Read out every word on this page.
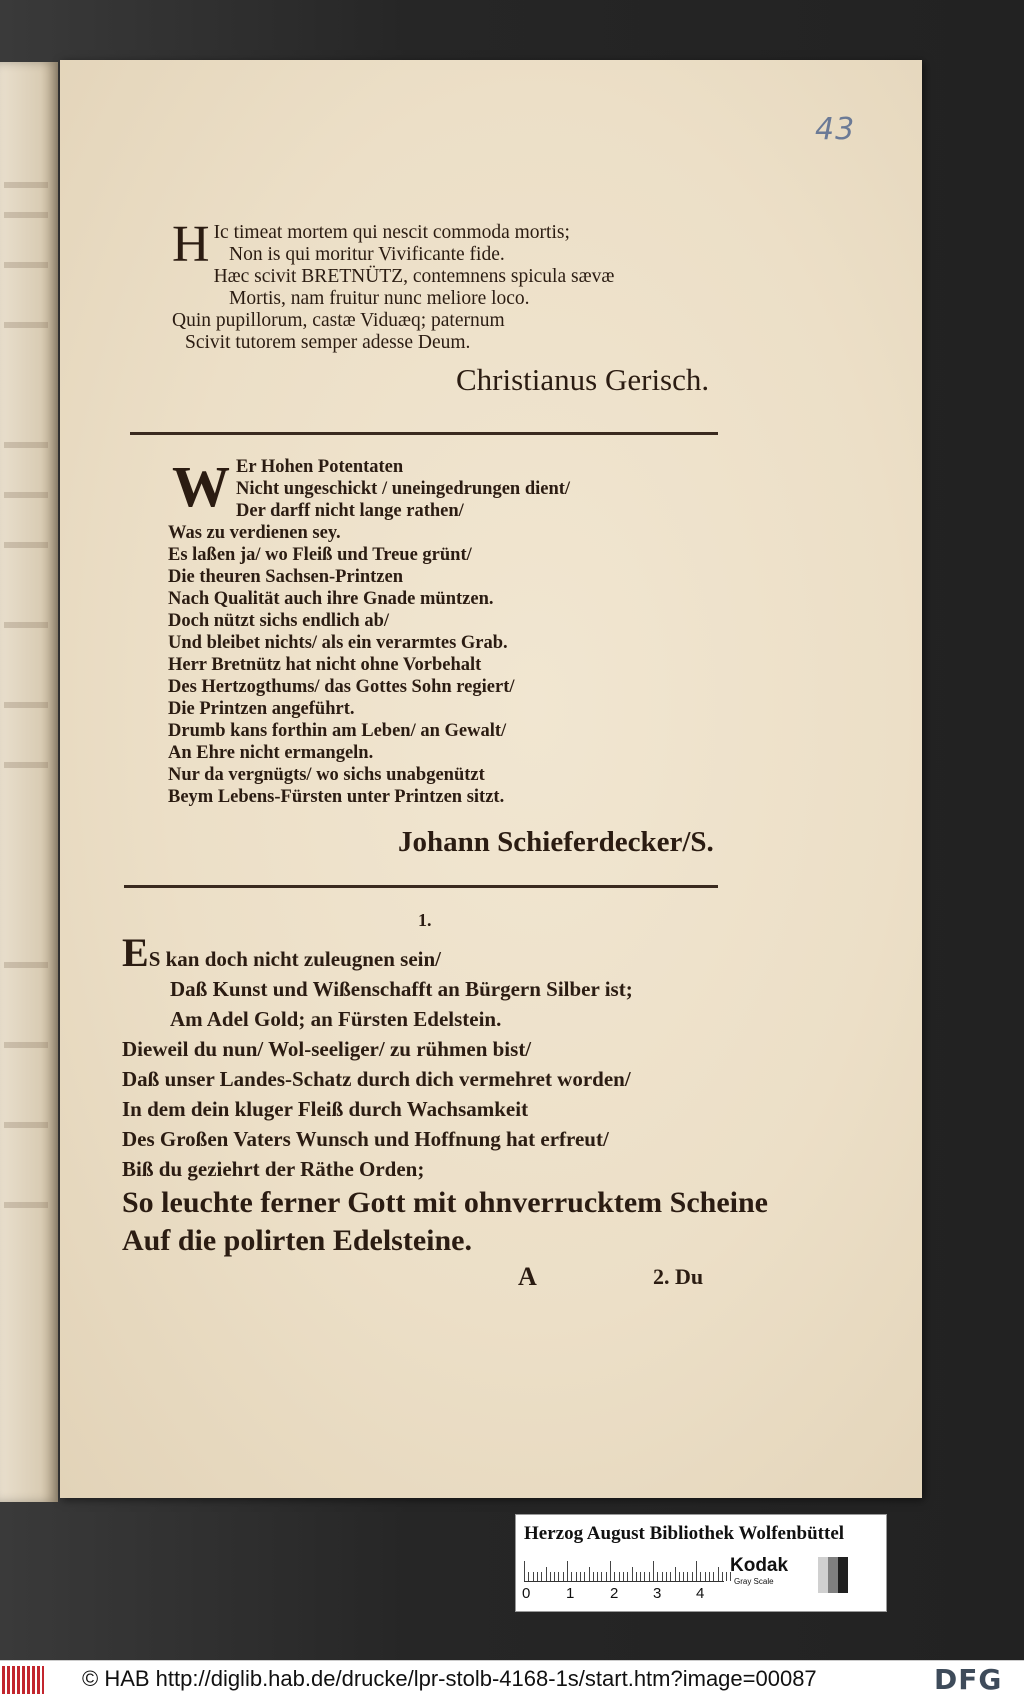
43
H Ic timeat mortem qui nescit commoda mortis;
Non is qui moritur Vivificante fide.
Hæc scivit BRETNÜTZ, contemnens spicula sævæ
Mortis, nam fruitur nunc meliore loco.
Quin pupillorum, castæ Viduæq; paternum
Scivit tutorem semper adesse Deum.
Christianus Gerisch.
W Er Hohen Potentaten
Nicht ungeschickt / uneingedrungen dient/
Der darff nicht lange rathen/
Was zu verdienen sey.
Es laßen ja/ wo Fleiß und Treue grünt/
Die theuren Sachsen-Printzen
Nach Qualität auch ihre Gnade müntzen.
Doch nützt sichs endlich ab/
Und bleibet nichts/ als ein verarmtes Grab.
Herr Bretnütz hat nicht ohne Vorbehalt
Des Hertzogthums/ das Gottes Sohn regiert/
Die Printzen angeführt.
Drumb kans forthin am Leben/ an Gewalt/
An Ehre nicht ermangeln.
Nur da vergnügts/ wo sichs unabgenützt
Beym Lebens-Fürsten unter Printzen sitzt.
Johann Schieferdecker/S.
1.
ES kan doch nicht zuleugnen sein/
Daß Kunst und Wißenschafft an Bürgern Silber ist;
Am Adel Gold; an Fürsten Edelstein.
Dieweil du nun/ Wol-seeliger/ zu rühmen bist/
Daß unser Landes-Schatz durch dich vermehret worden/
In dem dein kluger Fleiß durch Wachsamkeit
Des Großen Vaters Wunsch und Hoffnung hat erfreut/
Biß du geziehrt der Räthe Orden;
So leuchte ferner Gott mit ohnverrucktem Scheine
Auf die polirten Edelsteine.
A	2. Du
Herzog August Bibliothek Wolfenbüttel
0 1 2 3 4
Kodak
Gray Scale
© HAB http://diglib.hab.de/drucke/lpr-stolb-4168-1s/start.htm?image=00087	DFG
